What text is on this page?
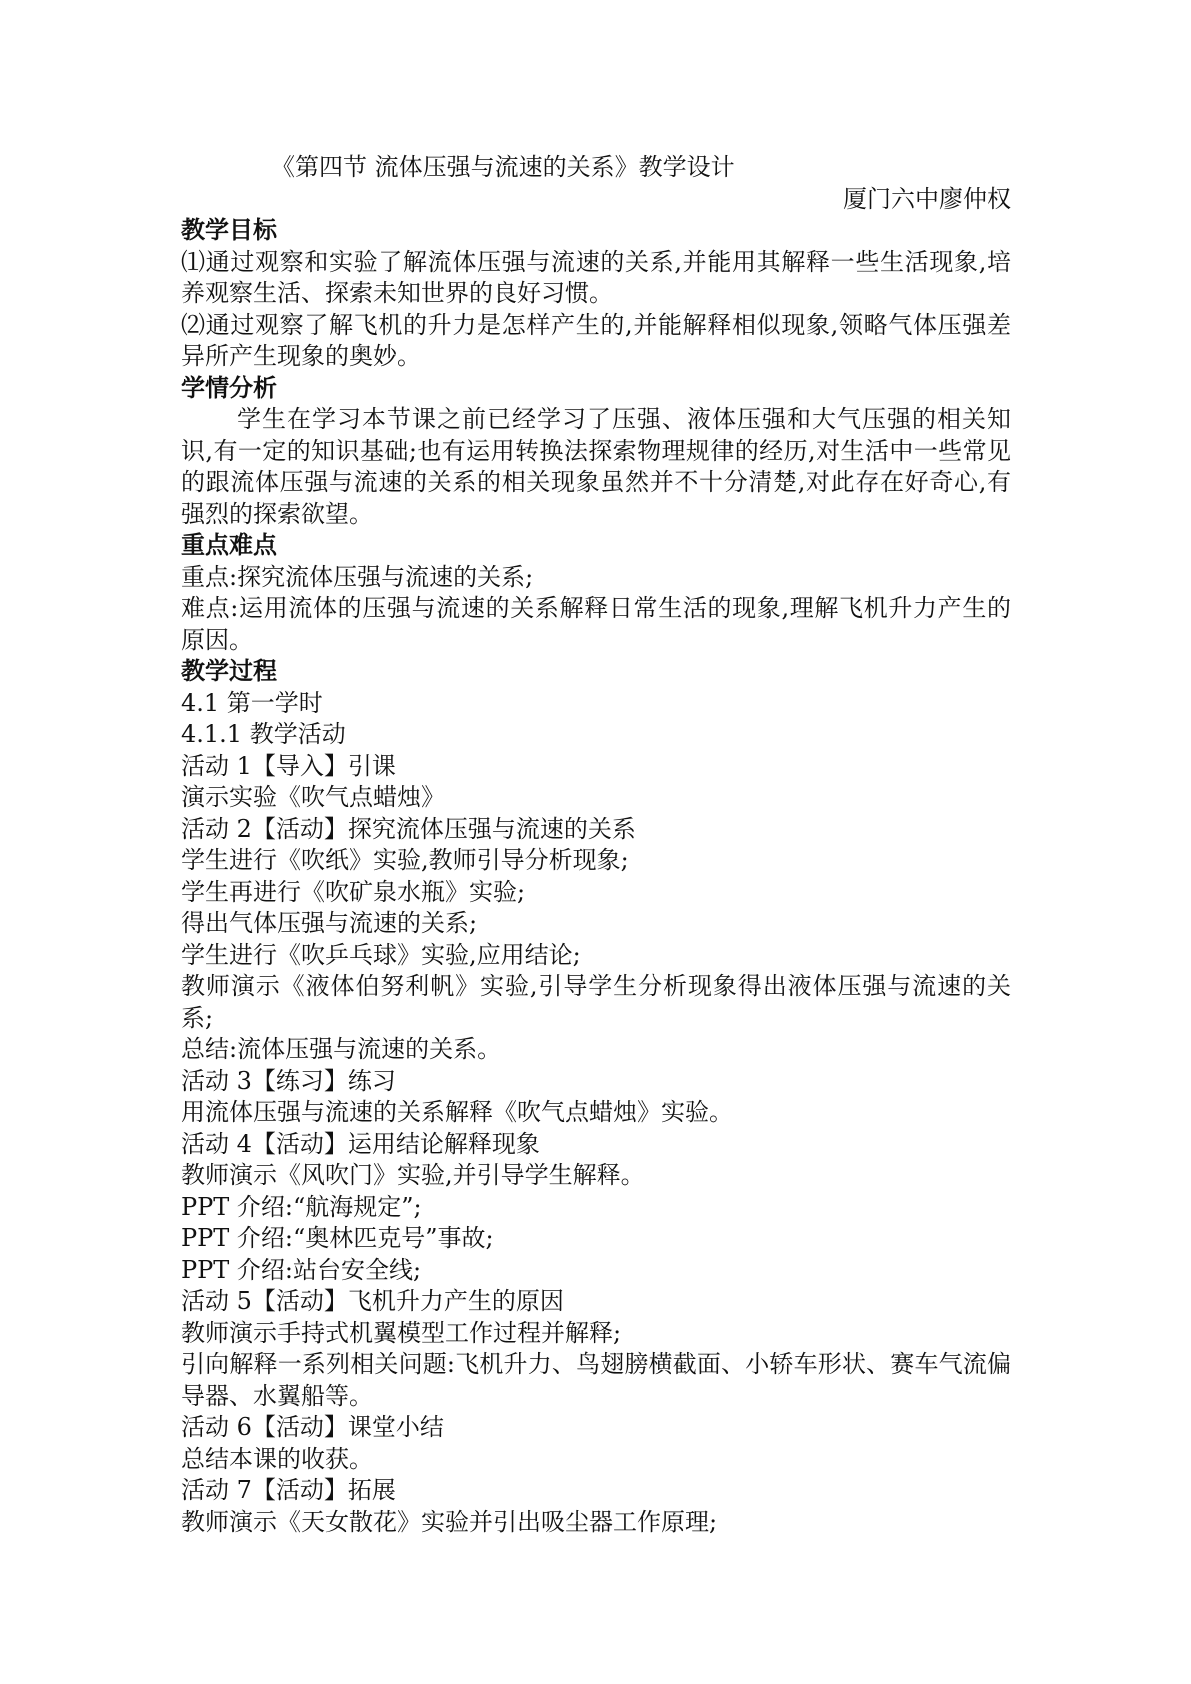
《第四节 流体压强与流速的关系》教学设计

厦门六中廖仲权

教学目标

⑴通过观察和实验了解流体压强与流速的关系,并能用其解释一些生活现象,培养观察生活、探索未知世界的良好习惯。

⑵通过观察了解飞机的升力是怎样产生的,并能解释相似现象,领略气体压强差异所产生现象的奥妙。

学情分析

学生在学习本节课之前已经学习了压强、液体压强和大气压强的相关知识,有一定的知识基础;也有运用转换法探索物理规律的经历,对生活中一些常见的跟流体压强与流速的关系的相关现象虽然并不十分清楚,对此存在好奇心,有强烈的探索欲望。

重点难点

重点:探究流体压强与流速的关系;

难点:运用流体的压强与流速的关系解释日常生活的现象,理解飞机升力产生的原因。

教学过程

4.1 第一学时

4.1.1 教学活动

活动 1【导入】引课

演示实验《吹气点蜡烛》

活动 2【活动】探究流体压强与流速的关系

学生进行《吹纸》实验,教师引导分析现象;

学生再进行《吹矿泉水瓶》实验;

得出气体压强与流速的关系;

学生进行《吹乒乓球》实验,应用结论;

教师演示《液体伯努利帆》实验,引导学生分析现象得出液体压强与流速的关系;

总结:流体压强与流速的关系。

活动 3【练习】练习

用流体压强与流速的关系解释《吹气点蜡烛》实验。

活动 4【活动】运用结论解释现象

教师演示《风吹门》实验,并引导学生解释。

PPT 介绍:“航海规定”;

PPT 介绍:“奥林匹克号”事故;

PPT 介绍:站台安全线;

活动 5【活动】飞机升力产生的原因

教师演示手持式机翼模型工作过程并解释;

引向解释一系列相关问题:飞机升力、鸟翅膀横截面、小轿车形状、赛车气流偏导器、水翼船等。

活动 6【活动】课堂小结

总结本课的收获。

活动 7【活动】拓展

教师演示《天女散花》实验并引出吸尘器工作原理;
